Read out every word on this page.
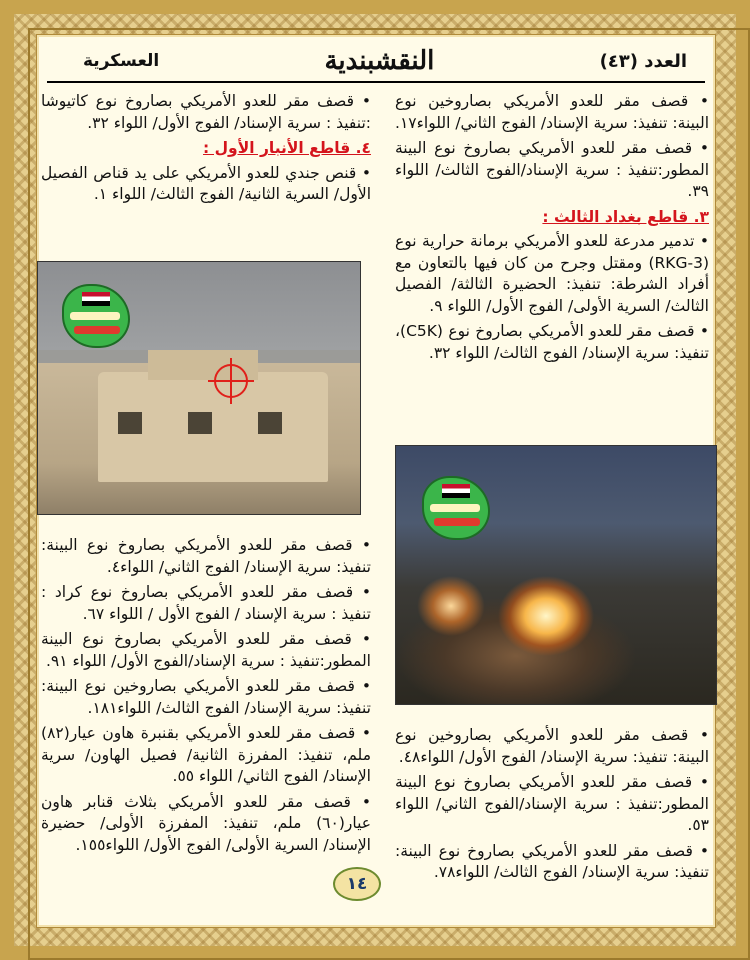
العدد (٤٣)
النقشبندية
العسكرية

• قصف مقر للعدو الأمريكي بصاروخين نوع البينة: تنفيذ: سرية الإسناد/ الفوج الثاني/ اللواء١٧.

• قصف مقر للعدو الأمريكي بصاروخ نوع البينة المطور:تنفيذ : سرية الإسناد/الفوج الثالث/ اللواء ٣٩.

٣. قاطع بغداد الثالث :

• تدمير مدرعة للعدو الأمريكي برمانة حرارية نوع (RKG-3) ومقتل وجرح من كان فيها بالتعاون مع أفراد الشرطة: تنفيذ: الحضيرة الثالثة/ الفصيل الثالث/ السرية الأولى/ الفوج الأول/ اللواء ٩.

• قصف مقر للعدو الأمريكي بصاروخ نوع (C5K)، تنفيذ: سرية الإسناد/ الفوج الثالث/ اللواء ٣٢.

• قصف مقر للعدو الأمريكي بصاروخين نوع البينة: تنفيذ: سرية الإسناد/ الفوج الأول/ اللواء٤٨.

• قصف مقر للعدو الأمريكي بصاروخ نوع البينة المطور:تنفيذ : سرية الإسناد/الفوج الثاني/ اللواء ٥٣.

• قصف مقر للعدو الأمريكي بصاروخ نوع البينة: تنفيذ: سرية الإسناد/ الفوج الثالث/ اللواء٧٨.

• قصف مقر للعدو الأمريكي بصاروخ نوع كاتيوشا :تنفيذ : سرية الإسناد/ الفوج الأول/ اللواء ٣٢.

٤. قاطع الأنبار الأول :

• قنص جندي للعدو الأمريكي على يد قناص الفصيل الأول/ السرية الثانية/ الفوج الثالث/ اللواء ١.

• قصف مقر للعدو الأمريكي بصاروخ نوع البينة: تنفيذ: سرية الإسناد/ الفوج الثاني/ اللواء٤.

• قصف مقر للعدو الأمريكي بصاروخ نوع كراد : تنفيذ : سرية الإسناد / الفوج الأول / اللواء ٦٧.

• قصف مقر للعدو الأمريكي بصاروخ نوع البينة المطور:تنفيذ : سرية الإسناد/الفوج الأول/ اللواء ٩١.

• قصف مقر للعدو الأمريكي بصاروخين نوع البينة: تنفيذ: سرية الإسناد/ الفوج الثالث/ اللواء١٨١.

• قصف مقر للعدو الأمريكي بقنبرة هاون عيار(٨٢) ملم، تنفيذ: المفرزة الثانية/ فصيل الهاون/ سرية الإسناد/ الفوج الثاني/ اللواء ٥٥.

• قصف مقر للعدو الأمريكي بثلاث قنابر هاون عيار(٦٠) ملم، تنفيذ: المفرزة الأولى/ حضيرة الإسناد/ السرية الأولى/ الفوج الأول/ اللواء١٥٥.

١٤
